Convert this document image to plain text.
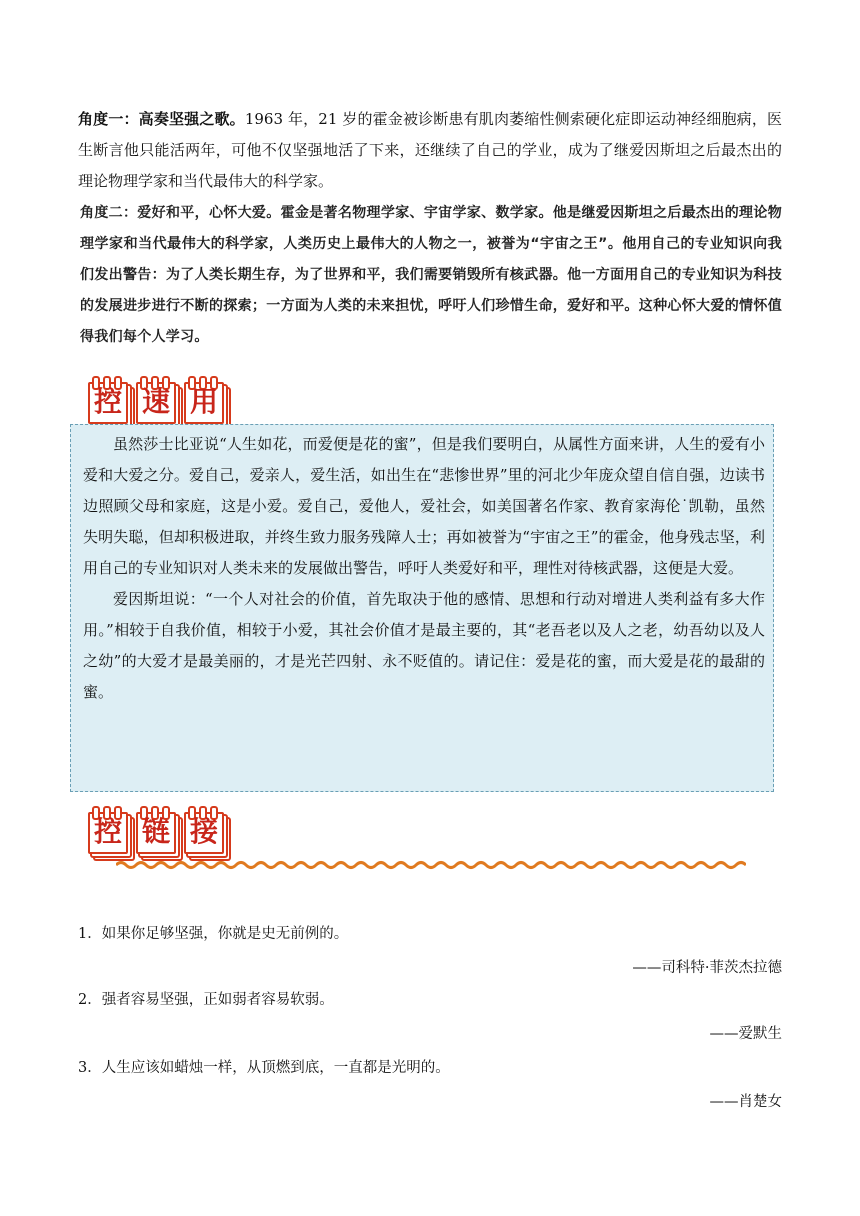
角度一：高奏坚强之歌。1963 年，21 岁的霍金被诊断患有肌肉萎缩性侧索硬化症即运动神经细胞病，医生断言他只能活两年，可他不仅坚强地活了下来，还继续了自己的学业，成为了继爱因斯坦之后最杰出的理论物理学家和当代最伟大的科学家。

角度二：爱好和平，心怀大爱。霍金是著名物理学家、宇宙学家、数学家。他是继爱因斯坦之后最杰出的理论物理学家和当代最伟大的科学家，人类历史上最伟大的人物之一，被誉为“宇宙之王”。他用自己的专业知识向我们发出警告：为了人类长期生存，为了世界和平，我们需要销毁所有核武器。他一方面用自己的专业知识为科技的发展进步进行不断的探索；一方面为人类的未来担忧，呼吁人们珍惜生命，爱好和平。这种心怀大爱的情怀值得我们每个人学习。

控 速 用

虽然莎士比亚说“人生如花，而爱便是花的蜜”，但是我们要明白，从属性方面来讲，人生的爱有小爱和大爱之分。爱自己，爱亲人，爱生活，如出生在“悲惨世界”里的河北少年庞众望自信自强，边读书边照顾父母和家庭，这是小爱。爱自己，爱他人，爱社会，如美国著名作家、教育家海伦˙凯勒，虽然失明失聪，但却积极进取，并终生致力服务残障人士；再如被誉为“宇宙之王”的霍金，他身残志坚，利用自己的专业知识对人类未来的发展做出警告，呼吁人类爱好和平，理性对待核武器，这便是大爱。

爱因斯坦说：“一个人对社会的价值，首先取决于他的感情、思想和行动对增进人类利益有多大作用。”相较于自我价值，相较于小爱，其社会价值才是最主要的，其“老吾老以及人之老，幼吾幼以及人之幼”的大爱才是最美丽的，才是光芒四射、永不贬值的。请记住：爱是花的蜜，而大爱是花的最甜的蜜。

控 链 接
1．如果你足够坚强，你就是史无前例的。
——司科特·菲茨杰拉德
2．强者容易坚强，正如弱者容易软弱。
——爱默生
3．人生应该如蜡烛一样，从顶燃到底，一直都是光明的。
——肖楚女
